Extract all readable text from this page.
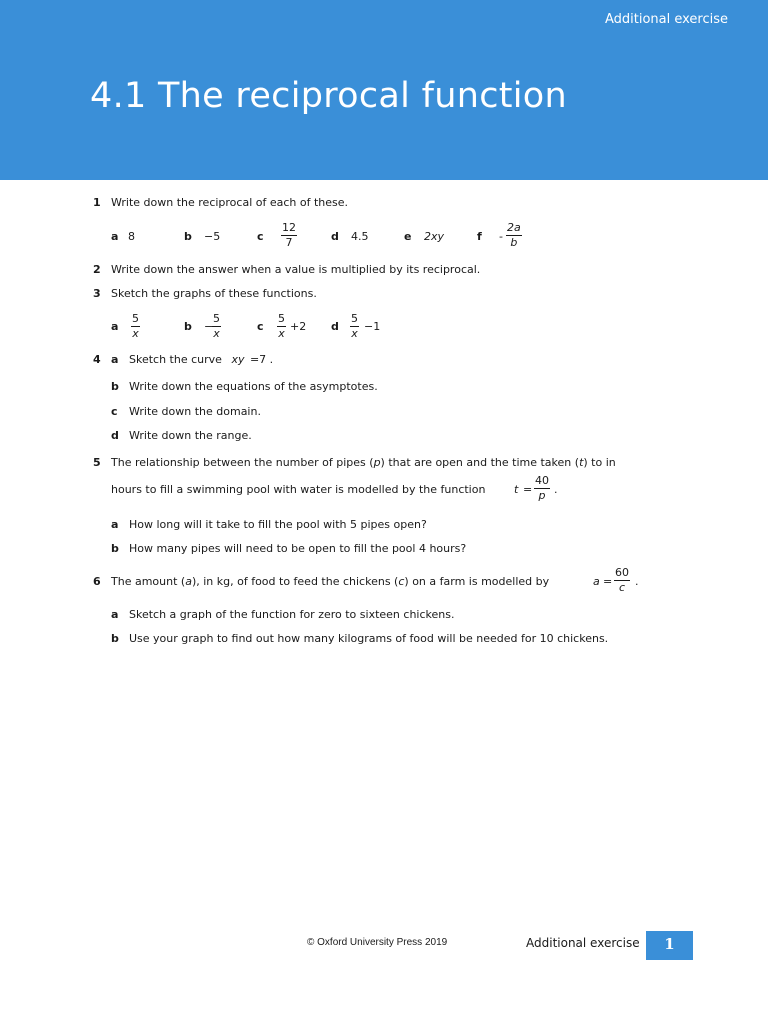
Additional exercise
4.1 The reciprocal function
1 Write down the reciprocal of each of these.
a 8	b −5	c $\frac{12}{7}$	d 4.5	e 2xy	f - $\frac{2a}{b}$
2 Write down the answer when a value is multiplied by its reciprocal.
3 Sketch the graphs of these functions.
a $\frac{5}{x}$	b −
$\frac{5}{x}$	c $\frac{5}{x} +2$ d $\frac{5}{x} -1$
4 a Sketch the curve xy =7 .
b Write down the equations of the asymptotes.
c Write down the domain.
d Write down the range.
5 The relationship between the number of pipes (p) that are open and the time taken (t) to in
hours to fill a swimming pool with water is modelled by the function	$t = \frac{40}{p}$ .
a How long will it take to fill the pool with 5 pipes open?
b How many pipes will need to be open to fill the pool 4 hours?
6 The amount (a), in kg, of food to feed the chickens (c) on a farm is modelled by	$a = \frac{60}{c}$ .
a Sketch a graph of the function for zero to sixteen chickens.
b Use your graph to find out how many kilograms of food will be needed for 10 chickens.
© Oxford University Press 2019	Additional exercise	1
